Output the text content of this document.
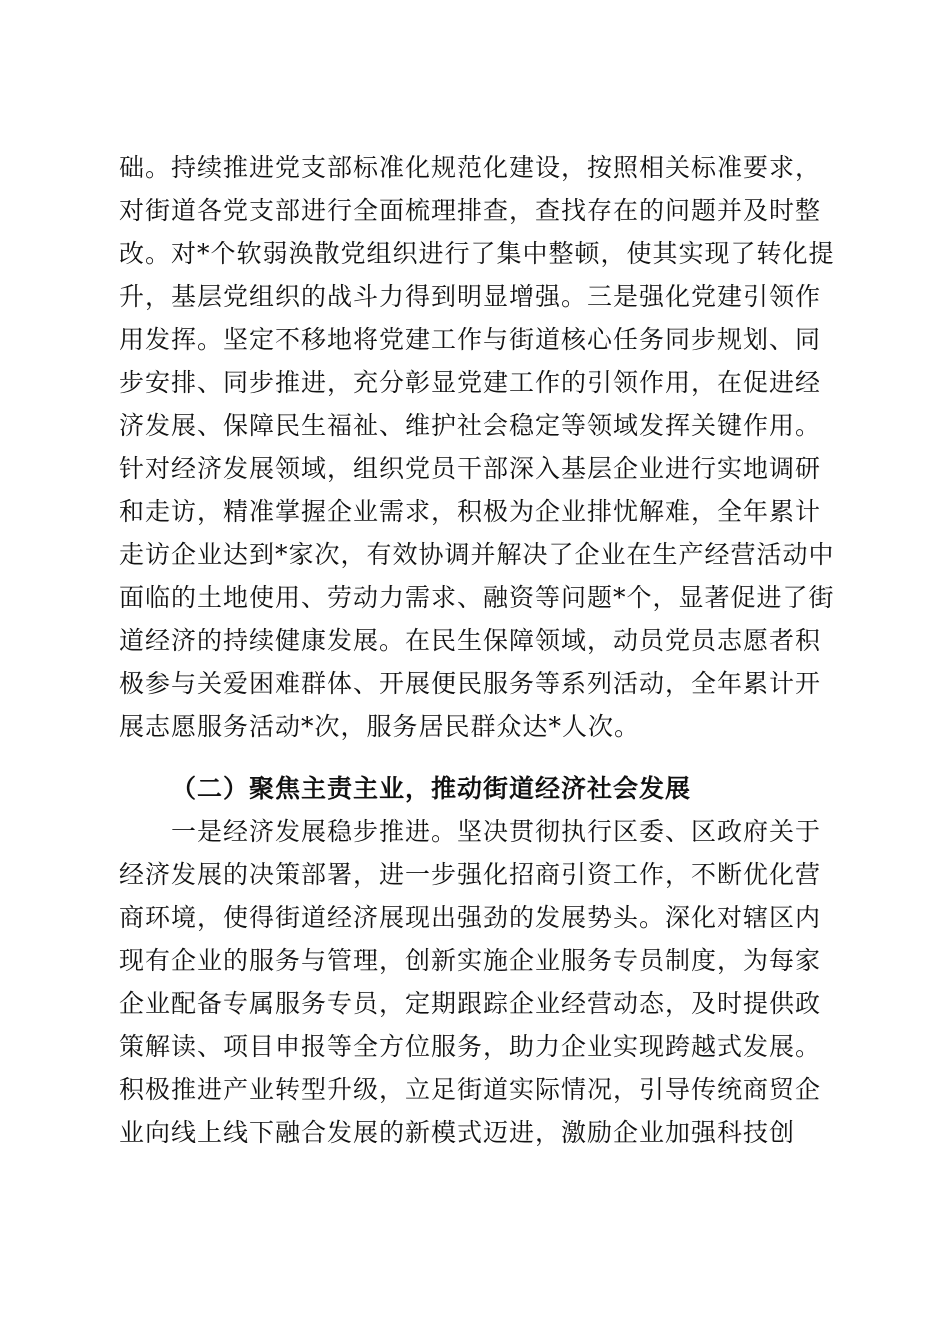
础。持续推进党支部标准化规范化建设，按照相关标准要求，
对街道各党支部进行全面梳理排查，查找存在的问题并及时整
改。对*个软弱涣散党组织进行了集中整顿，使其实现了转化提
升，基层党组织的战斗力得到明显增强。三是强化党建引领作
用发挥。坚定不移地将党建工作与街道核心任务同步规划、同
步安排、同步推进，充分彰显党建工作的引领作用，在促进经
济发展、保障民生福祉、维护社会稳定等领域发挥关键作用。
针对经济发展领域，组织党员干部深入基层企业进行实地调研
和走访，精准掌握企业需求，积极为企业排忧解难，全年累计
走访企业达到*家次，有效协调并解决了企业在生产经营活动中
面临的土地使用、劳动力需求、融资等问题*个，显著促进了街
道经济的持续健康发展。在民生保障领域，动员党员志愿者积
极参与关爱困难群体、开展便民服务等系列活动，全年累计开
展志愿服务活动*次，服务居民群众达*人次。
（二）聚焦主责主业，推动街道经济社会发展
一是经济发展稳步推进。坚决贯彻执行区委、区政府关于
经济发展的决策部署，进一步强化招商引资工作，不断优化营
商环境，使得街道经济展现出强劲的发展势头。深化对辖区内
现有企业的服务与管理，创新实施企业服务专员制度，为每家
企业配备专属服务专员，定期跟踪企业经营动态，及时提供政
策解读、项目申报等全方位服务，助力企业实现跨越式发展。
积极推进产业转型升级，立足街道实际情况，引导传统商贸企
业向线上线下融合发展的新模式迈进，激励企业加强科技创
